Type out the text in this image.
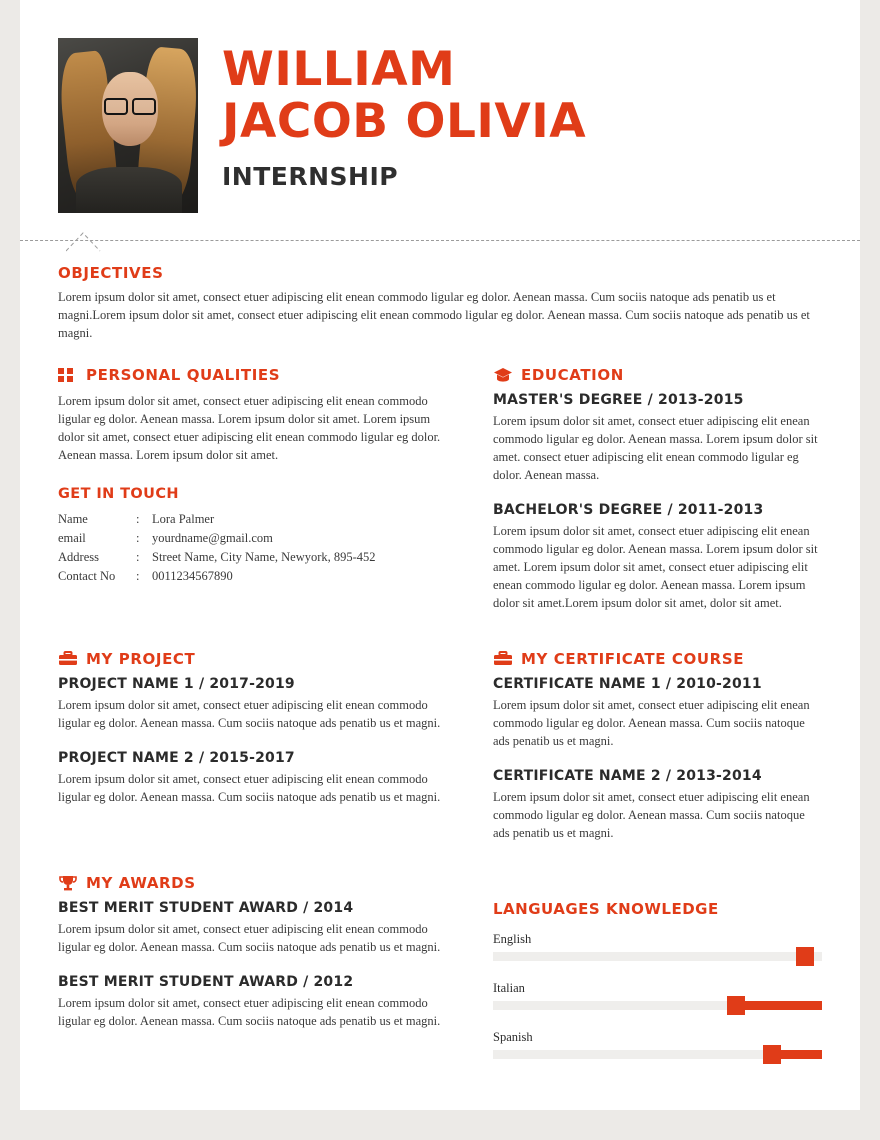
WILLIAM
JACOB OLIVIA
INTERNSHIP
OBJECTIVES

Lorem ipsum dolor sit amet, consect etuer adipiscing elit enean commodo ligular eg dolor. Aenean massa. Cum sociis natoque ads penatib us et magni.Lorem ipsum dolor sit amet, consect etuer adipiscing elit enean commodo ligular eg dolor. Aenean massa. Cum sociis natoque ads penatib us et magni.

PERSONAL QUALITIES

Lorem ipsum dolor sit amet, consect etuer adipiscing elit enean commodo ligular eg dolor. Aenean massa. Lorem ipsum dolor sit amet. Lorem ipsum dolor sit amet, consect etuer adipiscing elit enean commodo ligular eg dolor. Aenean massa. Lorem ipsum dolor sit amet.

GET IN TOUCH
Name	:	Lora Palmer
email	:	yourdname@gmail.com
Address	:	Street Name, City Name, Newyork, 895-452
Contact No	:	0011234567890
EDUCATION
MASTER'S DEGREE / 2013-2015

Lorem ipsum dolor sit amet, consect etuer adipiscing elit enean commodo ligular eg dolor. Aenean massa. Lorem ipsum dolor sit amet. consect etuer adipiscing elit enean commodo ligular eg dolor. Aenean massa.

BACHELOR'S DEGREE / 2011-2013

Lorem ipsum dolor sit amet, consect etuer adipiscing elit enean commodo ligular eg dolor. Aenean massa. Lorem ipsum dolor sit amet. Lorem ipsum dolor sit amet, consect etuer adipiscing elit enean commodo ligular eg dolor. Aenean massa. Lorem ipsum dolor sit amet.Lorem ipsum dolor sit amet, dolor sit amet.

MY PROJECT
PROJECT NAME 1 / 2017-2019

Lorem ipsum dolor sit amet, consect etuer adipiscing elit enean commodo ligular eg dolor. Aenean massa. Cum sociis natoque ads penatib us et magni.

PROJECT NAME 2 / 2015-2017

Lorem ipsum dolor sit amet, consect etuer adipiscing elit enean commodo ligular eg dolor. Aenean massa. Cum sociis natoque ads penatib us et magni.

MY CERTIFICATE COURSE
CERTIFICATE NAME 1 / 2010-2011

Lorem ipsum dolor sit amet, consect etuer adipiscing elit enean commodo ligular eg dolor. Aenean massa. Cum sociis natoque ads penatib us et magni.

CERTIFICATE NAME 2 / 2013-2014

Lorem ipsum dolor sit amet, consect etuer adipiscing elit enean commodo ligular eg dolor. Aenean massa. Cum sociis natoque ads penatib us et magni.

MY AWARDS
BEST MERIT STUDENT AWARD / 2014

Lorem ipsum dolor sit amet, consect etuer adipiscing elit enean commodo ligular eg dolor. Aenean massa. Cum sociis natoque ads penatib us et magni.

BEST MERIT STUDENT AWARD / 2012

Lorem ipsum dolor sit amet, consect etuer adipiscing elit enean commodo ligular eg dolor. Aenean massa. Cum sociis natoque ads penatib us et magni.

LANGUAGES KNOWLEDGE
English
Italian
Spanish
